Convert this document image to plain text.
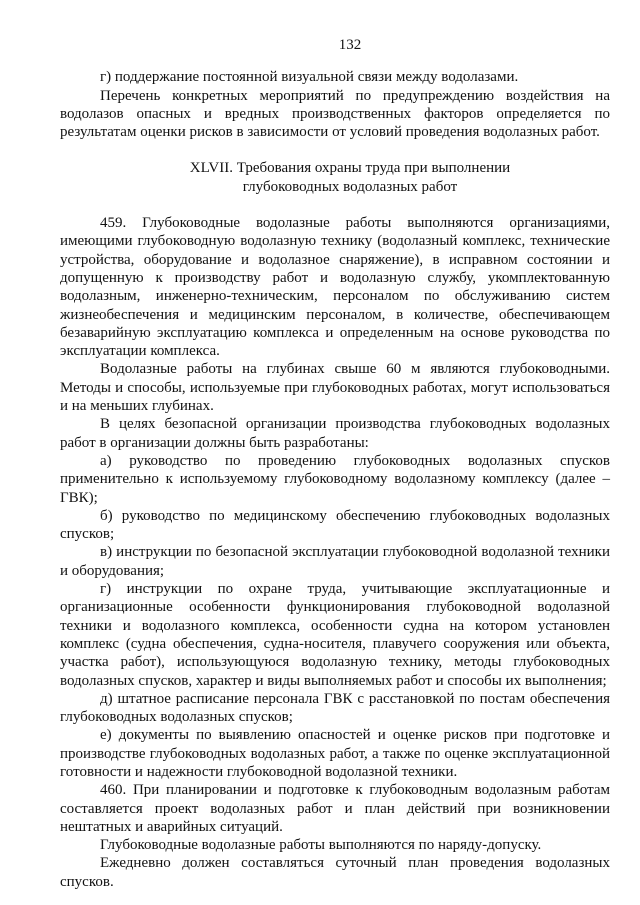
132

г) поддержание постоянной визуальной связи между водолазами.

Перечень конкретных мероприятий по предупреждению воздействия на водолазов опасных и вредных производственных факторов определяется по результатам оценки рисков в зависимости от условий проведения водолазных работ.

XLVII. Требования охраны труда при выполнении
глубоководных водолазных работ

459. Глубоководные водолазные работы выполняются организациями, имеющими глубоководную водолазную технику (водолазный комплекс, технические устройства, оборудование и водолазное снаряжение), в исправном состоянии и допущенную к производству работ и водолазную службу, укомплектованную водолазным, инженерно-техническим, персоналом по обслуживанию систем жизнеобеспечения и медицинским персоналом, в количестве, обеспечивающем безаварийную эксплуатацию комплекса и определенным на основе руководства по эксплуатации комплекса.

Водолазные работы на глубинах свыше 60 м являются глубоководными. Методы и способы, используемые при глубоководных работах, могут использоваться и на меньших глубинах.

В целях безопасной организации производства глубоководных водолазных работ в организации должны быть разработаны:

а) руководство по проведению глубоководных водолазных спусков применительно к используемому глубоководному водолазному комплексу (далее – ГВК);

б) руководство по медицинскому обеспечению глубоководных водолазных спусков;

в) инструкции по безопасной эксплуатации глубоководной водолазной техники и оборудования;

г) инструкции по охране труда, учитывающие эксплуатационные и организационные особенности функционирования глубоководной водолазной техники и водолазного комплекса, особенности судна на котором установлен комплекс (судна обеспечения, судна-носителя, плавучего сооружения или объекта, участка работ), использующуюся водолазную технику, методы глубоководных водолазных спусков, характер и виды выполняемых работ и способы их выполнения;

д) штатное расписание персонала ГВК с расстановкой по постам обеспечения глубоководных водолазных спусков;

е) документы по выявлению опасностей и оценке рисков при подготовке и производстве глубоководных водолазных работ, а также по оценке эксплуатационной готовности и надежности глубоководной водолазной техники.

460. При планировании и подготовке к глубоководным водолазным работам составляется проект водолазных работ и план действий при возникновении нештатных и аварийных ситуаций.

Глубоководные водолазные работы выполняются по наряду-допуску.

Ежедневно должен составляться суточный план проведения водолазных спусков.
